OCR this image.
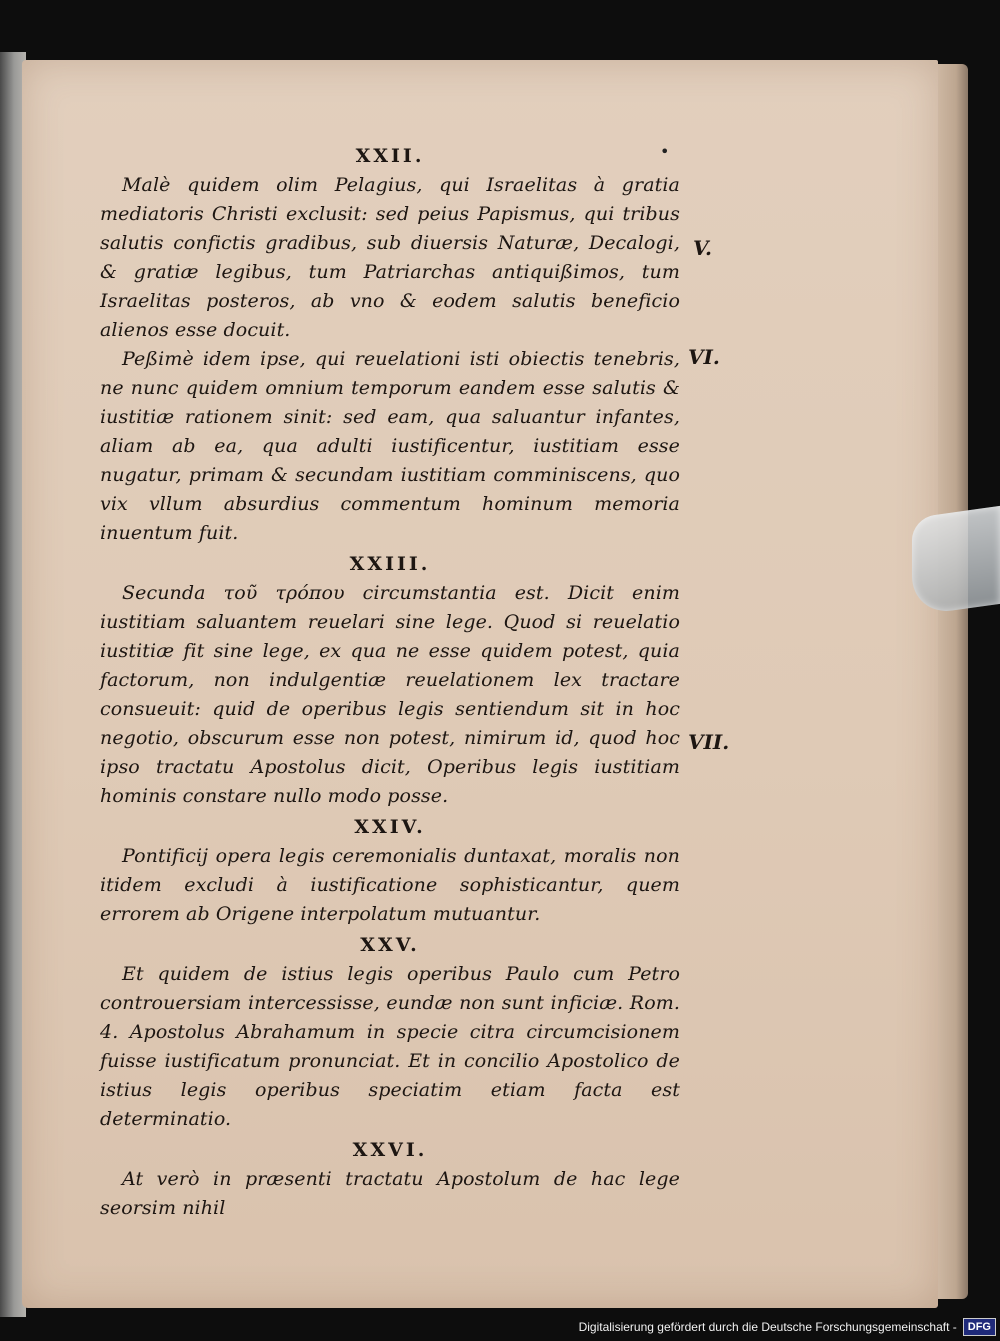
•
XXII.

Malè quidem olim Pelagius, qui Israelitas à gratia mediatoris Christi exclusit: sed peius Papismus, qui tribus salutis confictis gradibus, sub diuersis Naturæ, Decalogi, & gratiæ legibus, tum Patriarchas antiquißimos, tum Israelitas posteros, ab vno & eodem salutis beneficio alienos esse docuit.

Peßimè idem ipse, qui reuelationi isti obiectis tenebris, ne nunc quidem omnium temporum eandem esse salutis & iustitiæ rationem sinit: sed eam, qua saluantur infantes, aliam ab ea, qua adulti iustificentur, iustitiam esse nugatur, primam & secundam iustitiam comminiscens, quo vix vllum absurdius commentum hominum memoria inuentum fuit.

XXIII.

Secunda τοῦ τρόπου circumstantia est. Dicit enim iustitiam saluantem reuelari sine lege. Quod si reuelatio iustitiæ fit sine lege, ex qua ne esse quidem potest, quia factorum, non indulgentiæ reuelationem lex tractare consueuit: quid de operibus legis sentiendum sit in hoc negotio, obscurum esse non potest, nimirum id, quod hoc ipso tractatu Apostolus dicit, Operibus legis iustitiam hominis constare nullo modo posse.

XXIV.

Pontificij opera legis ceremonialis duntaxat, moralis non itidem excludi à iustificatione sophisticantur, quem errorem ab Origene interpolatum mutuantur.

XXV.

Et quidem de istius legis operibus Paulo cum Petro controuersiam intercessisse, eundæ non sunt inficiæ. Rom. 4. Apostolus Abrahamum in specie citra circumcisionem fuisse iustificatum pronunciat. Et in concilio Apostolico de istius legis operibus speciatim etiam facta est determinatio.

XXVI.

At verò in præsenti tractatu Apostolum de hac lege seorsim nihil

V.
VI.
VII.
Digitalisierung gefördert durch die Deutsche Forschungsgemeinschaft -	DFG
